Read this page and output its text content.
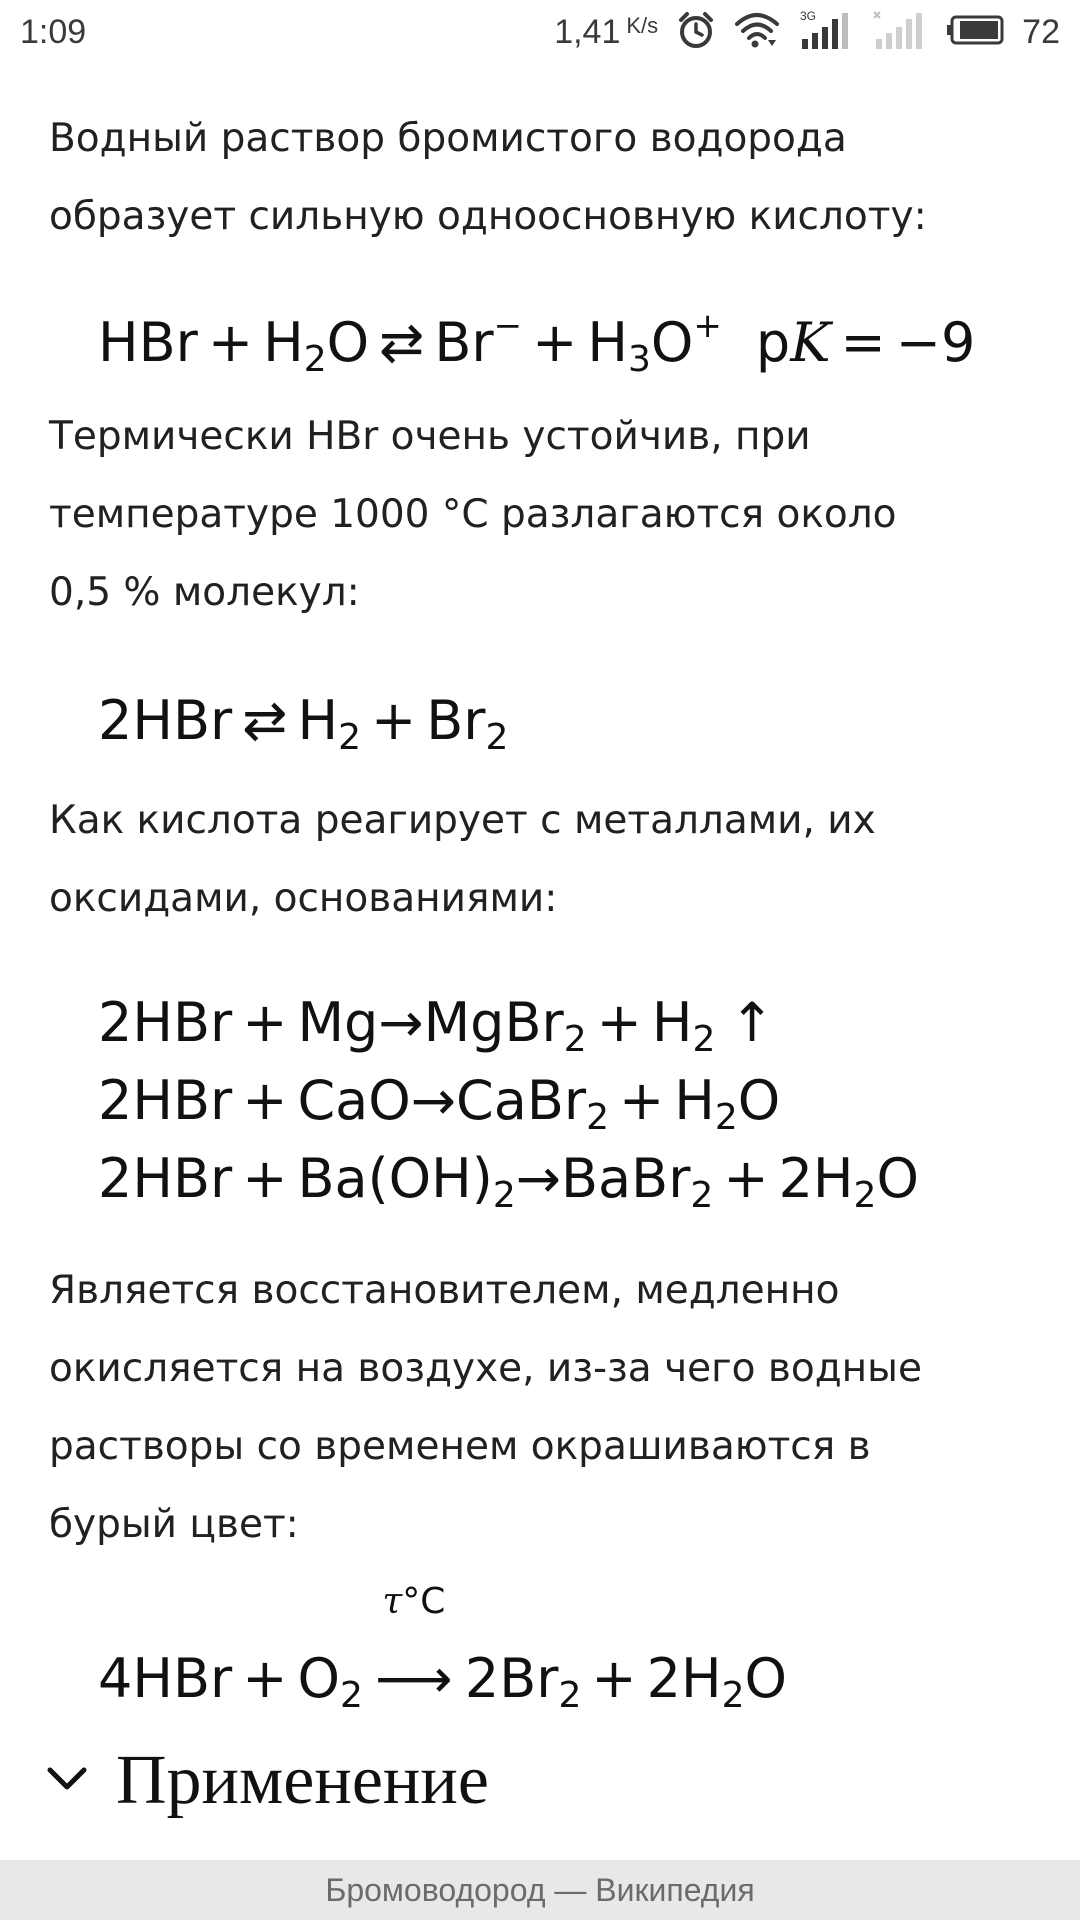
1:09	1,41 K/s	3G	72

Водный раствор бромистого водорода
образует сильную одноосновную кислоту:

HBr + $H_2O$ ⇄ $Br^- + H_3O^+$ pK = −9

Термически HBr очень устойчив, при
температуре 1000 °C разлагаются около
0,5 % молекул:

2HBr ⇄ $H_2 + Br_2$

Как кислота реагирует с металлами, их
оксидами, основаниями:

2HBr + Mg→MgBr$_2$ + $H_2$ ↑
2HBr + CaO→CaBr$_2$ + $H_2O$
$2HBr + Ba(OH)_2\to BaBr_2 + 2H_2O$

Является восстановителем, медленно
окисляется на воздухе, из-за чего водные
растворы со временем окрашиваются в
бурый цвет:

$4HBr + O_2$
τ°C
⟶ $2Br_2 + 2H_2O$
Применение
Бромоводород — Википедия
